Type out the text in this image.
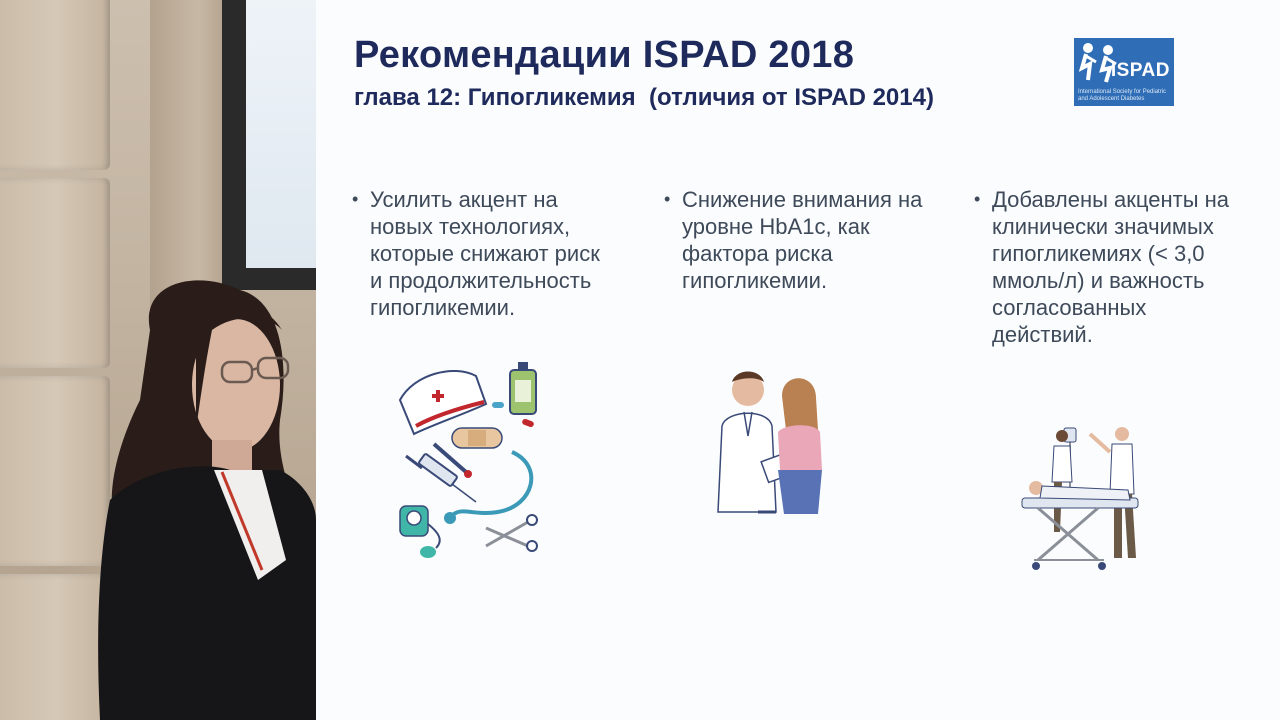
Рекомендации ISPAD 2018
глава 12: Гипогликемия  (отличия от ISPAD 2014)
ISPAD
International Society for Pediatric and Adolescent Diabetes
• Усилить акцент на новых технологиях, которые снижают риск и продолжительность гипогликемии.
• Снижение внимания на уровне HbA1c, как фактора риска гипогликемии.
• Добавлены акценты на клинически значимых гипогликемиях (< 3,0 ммоль/л) и важность согласованных действий.
